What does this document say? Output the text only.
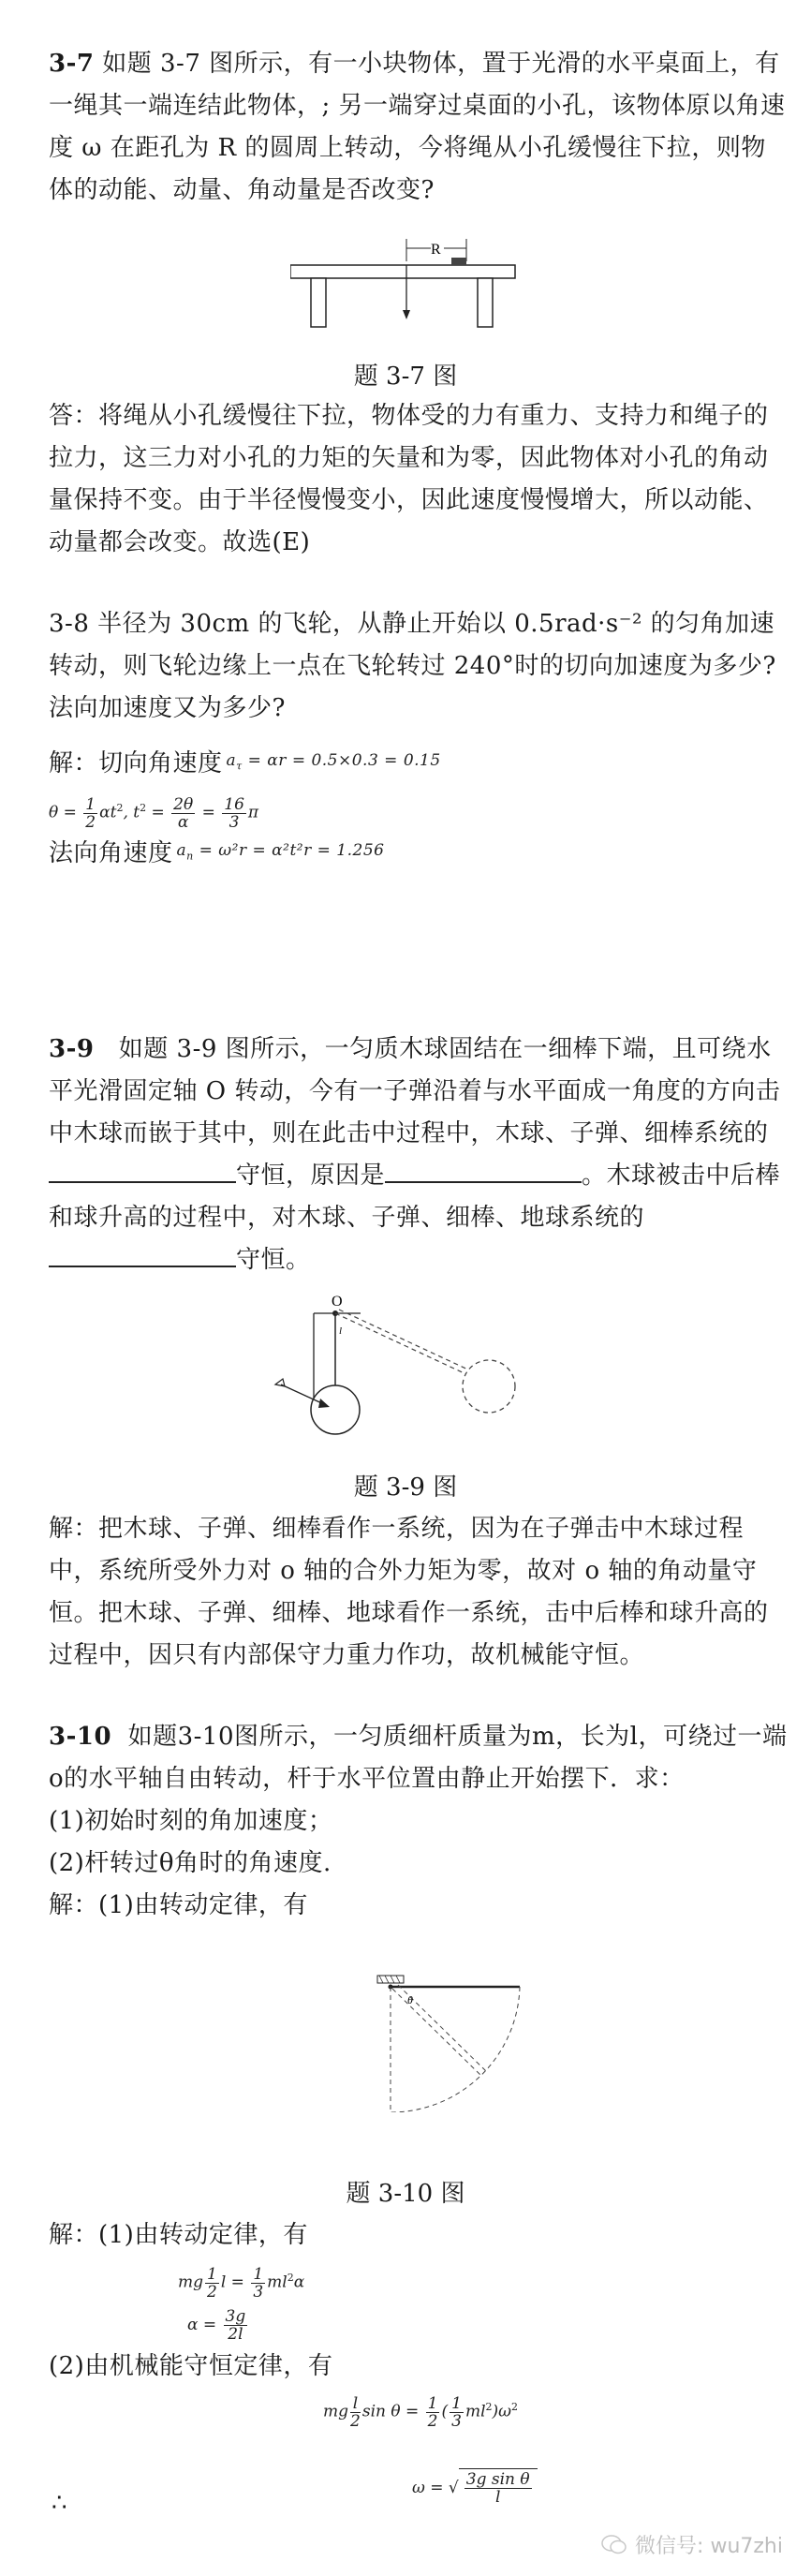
3-7 如题 3-7 图所示，有一小块物体，置于光滑的水平桌面上，有一绳其一端连结此物体，; 另一端穿过桌面的小孔，该物体原以角速度 ω 在距孔为 R 的圆周上转动，今将绳从小孔缓慢往下拉，则物体的动能、动量、角动量是否改变?

R
题 3-7 图

答：将绳从小孔缓慢往下拉，物体受的力有重力、支持力和绳子的拉力，这三力对小孔的力矩的矢量和为零，因此物体对小孔的角动量保持不变。由于半径慢慢变小，因此速度慢慢增大，所以动能、动量都会改变。故选(E)

3-8 半径为 30cm 的飞轮，从静止开始以 0.5rad·s⁻² 的匀角加速转动，则飞轮边缘上一点在飞轮转过 240°时的切向加速度为多少? 法向加速度又为多少?

解：切向角速度 $a_\tau = \alpha r = 0.5\times 0.3 = 0.15$
$\theta = \frac{1}{2} \alpha t^2$, $t^2 = \frac{2\theta}{\alpha} = \frac{16}{3}$ π
法向角速度 $a_n = \omega^2r = \alpha^2t^2r = 1.256$

3-9 如题 3-9 图所示，一匀质木球固结在一细棒下端，且可绕水平光滑固定轴 O 转动，今有一子弹沿着与水平面成一角度的方向击中木球而嵌于其中，则在此击中过程中，木球、子弹、细棒系统的守恒，原因是	。木球被击中后棒和球升高的过程中，对木球、子弹、细棒、地球系统的守恒。

O
l
题 3-9 图

解：把木球、子弹、细棒看作一系统，因为在子弹击中木球过程中，系统所受外力对 o 轴的合外力矩为零，故对 o 轴的角动量守恒。把木球、子弹、细棒、地球看作一系统，击中后棒和球升高的过程中，因只有内部保守力重力作功，故机械能守恒。

3-10 如题3-10图所示，一匀质细杆质量为m，长为l，可绕过一端o的水平轴自由转动，杆于水平位置由静止开始摆下．求：

(1)初始时刻的角加速度；

(2)杆转过θ角时的角速度.

解：(1)由转动定律，有

θ
题 3-10 图

解：(1)由转动定律，有

mg $\frac{1}{2}$ $l = \frac{1}{3} ml^2\alpha$
$\alpha = \frac{3g}{2l}$

(2)由机械能守恒定律，有

mg $\frac{l}{2}$ $\sin \theta = \frac{1}{2}$ ( $\frac{1}{3} ml^2)\omega^2$
∴
ω = √ $\frac{\text{3g sin θ}}{l}$
微信号: wu7zhi
